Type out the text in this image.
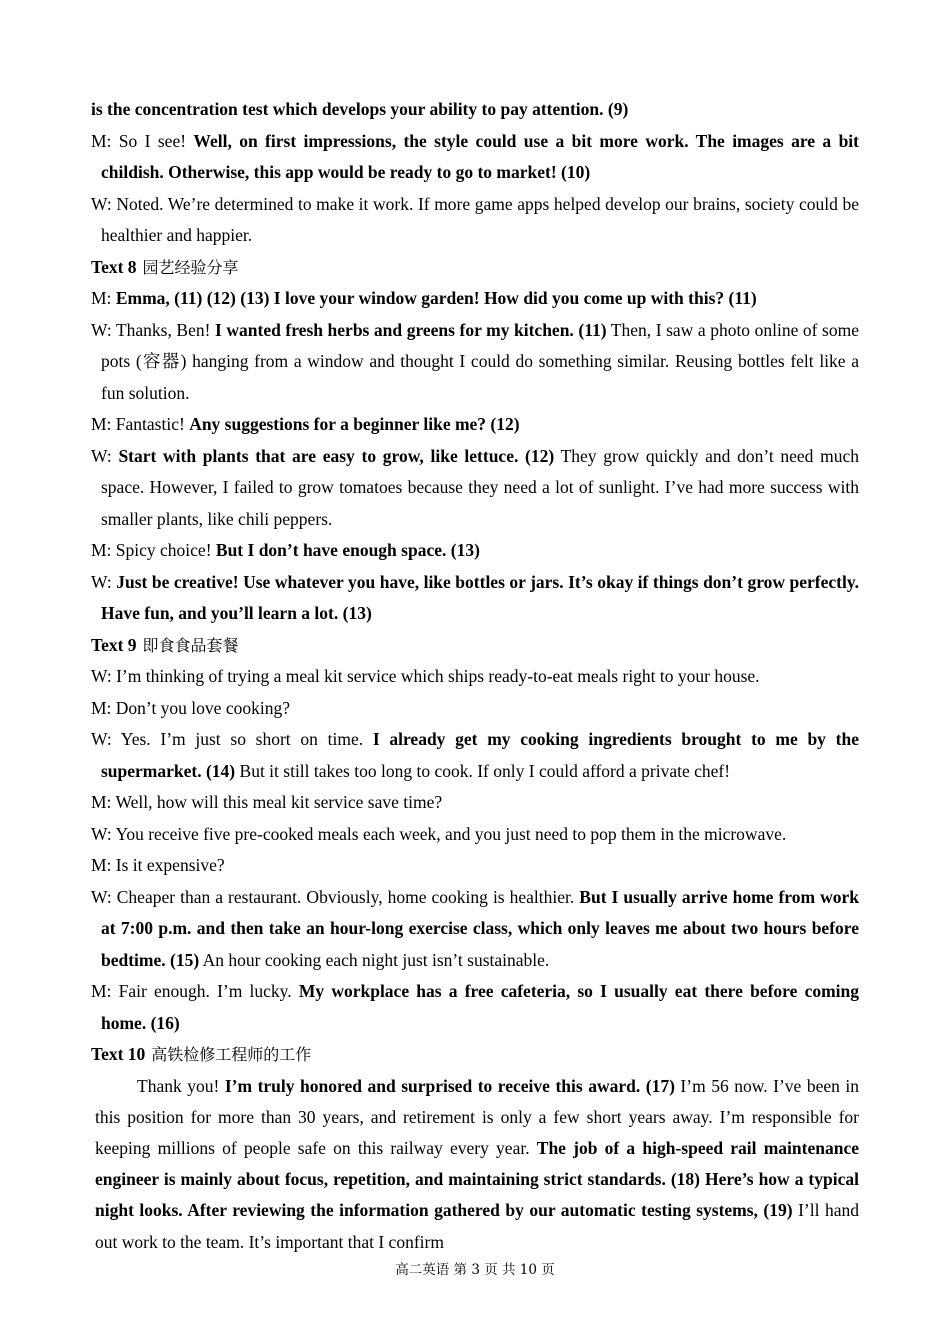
is the concentration test which develops your ability to pay attention. (9)
M: So I see! Well, on first impressions, the style could use a bit more work. The images are a bit childish. Otherwise, this app would be ready to go to market! (10)
W: Noted. We’re determined to make it work. If more game apps helped develop our brains, society could be healthier and happier.
Text 8 园艺经验分享
M: Emma, (11) (12) (13) I love your window garden! How did you come up with this? (11)
W: Thanks, Ben! I wanted fresh herbs and greens for my kitchen. (11) Then, I saw a photo online of some pots (容器) hanging from a window and thought I could do something similar. Reusing bottles felt like a fun solution.
M: Fantastic! Any suggestions for a beginner like me? (12)
W: Start with plants that are easy to grow, like lettuce. (12) They grow quickly and don’t need much space. However, I failed to grow tomatoes because they need a lot of sunlight. I’ve had more success with smaller plants, like chili peppers.
M: Spicy choice! But I don’t have enough space. (13)
W: Just be creative! Use whatever you have, like bottles or jars. It’s okay if things don’t grow perfectly. Have fun, and you’ll learn a lot. (13)
Text 9 即食食品套餐
W: I’m thinking of trying a meal kit service which ships ready-to-eat meals right to your house.
M: Don’t you love cooking?
W: Yes. I’m just so short on time. I already get my cooking ingredients brought to me by the supermarket. (14) But it still takes too long to cook. If only I could afford a private chef!
M: Well, how will this meal kit service save time?
W: You receive five pre-cooked meals each week, and you just need to pop them in the microwave.
M: Is it expensive?
W: Cheaper than a restaurant. Obviously, home cooking is healthier. But I usually arrive home from work at 7:00 p.m. and then take an hour-long exercise class, which only leaves me about two hours before bedtime. (15) An hour cooking each night just isn’t sustainable.
M: Fair enough. I’m lucky. My workplace has a free cafeteria, so I usually eat there before coming home. (16)
Text 10 高铁检修工程师的工作
Thank you! I’m truly honored and surprised to receive this award. (17) I’m 56 now. I’ve been in this position for more than 30 years, and retirement is only a few short years away. I’m responsible for keeping millions of people safe on this railway every year. The job of a high-speed rail maintenance engineer is mainly about focus, repetition, and maintaining strict standards. (18) Here’s how a typical night looks. After reviewing the information gathered by our automatic testing systems, (19) I’ll hand out work to the team. It’s important that I confirm
高二英语 第 3 页 共 10 页
